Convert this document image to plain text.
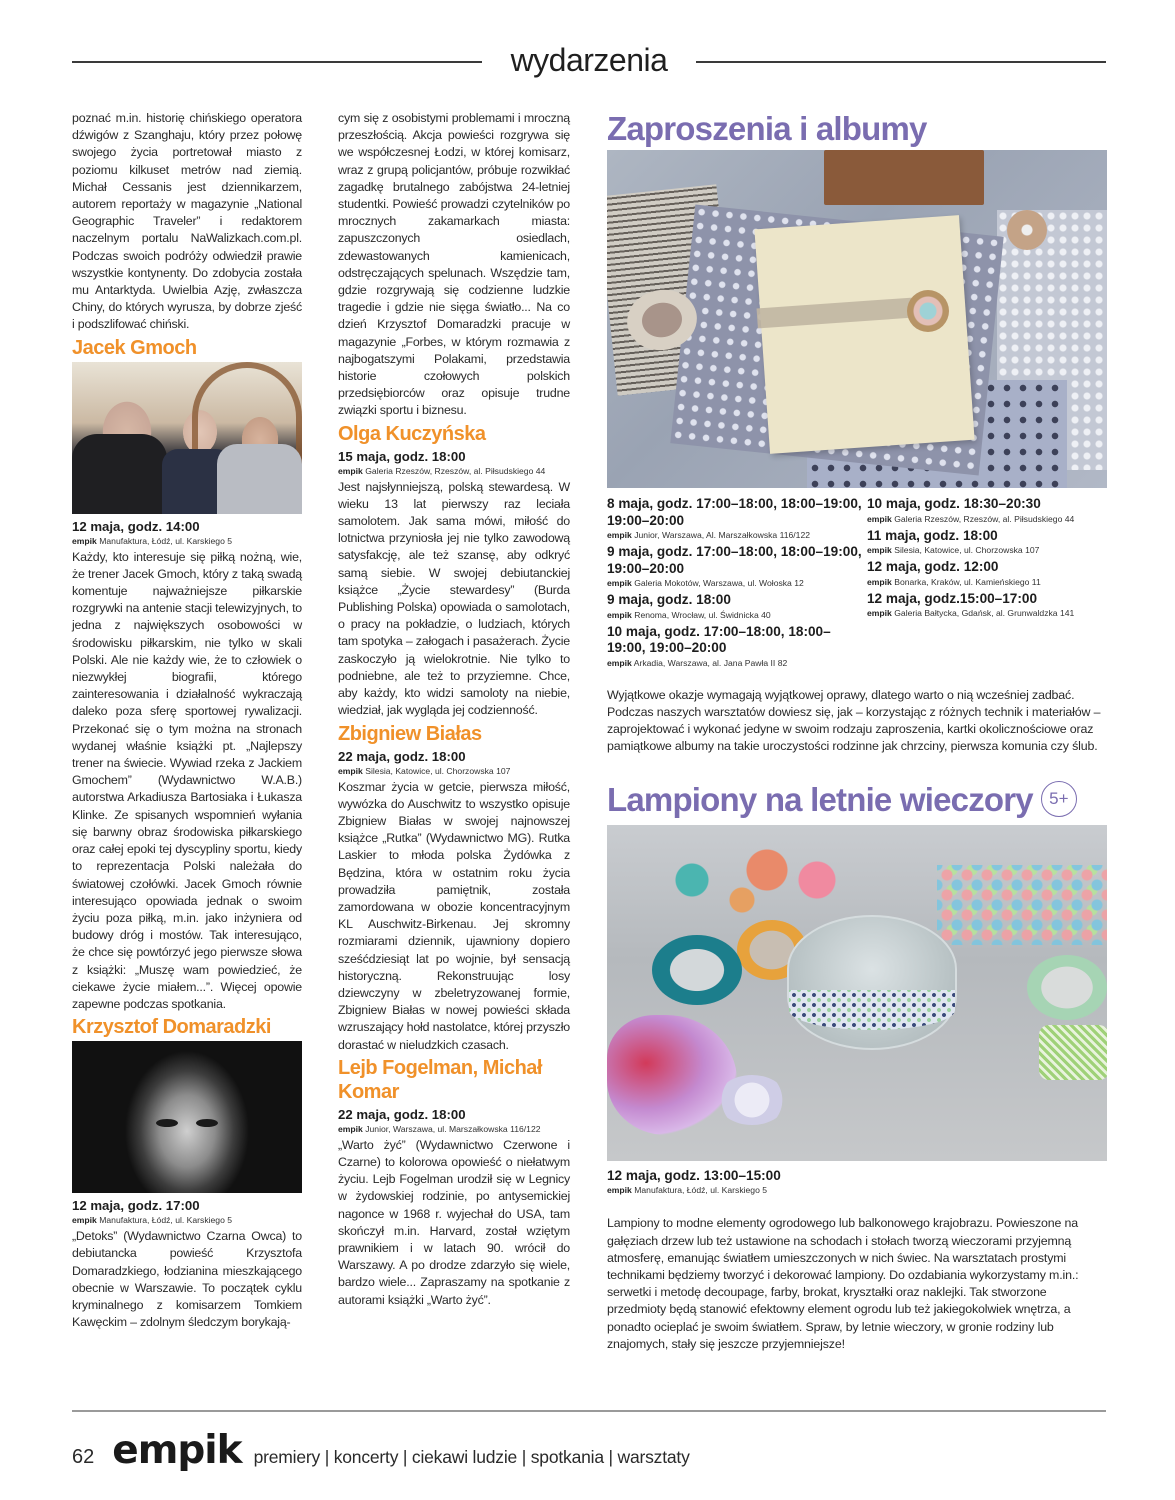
wydarzenia

poznać m.in. historię chińskiego operatora dźwigów z Szanghaju, który przez połowę swojego życia portretował miasto z poziomu kilkuset metrów nad ziemią. Michał Cessanis jest dziennikarzem, autorem reportaży w magazynie „National Geographic Traveler” i redaktorem naczelnym portalu NaWalizkach.com.pl. Podczas swoich podróży odwiedził prawie wszystkie kontynenty. Do zdobycia została mu Antarktyda. Uwielbia Azję, zwłaszcza Chiny, do których wyrusza, by dobrze zjeść i podszlifować chiński.

Jacek Gmoch
12 maja, godz. 14:00
empik Manufaktura, Łódź, ul. Karskiego 5

Każdy, kto interesuje się piłką nożną, wie, że trener Jacek Gmoch, który z taką swadą komentuje najważniejsze piłkarskie rozgrywki na antenie stacji telewizyjnych, to jedna z największych osobowości w środowisku piłkarskim, nie tylko w skali Polski. Ale nie każdy wie, że to człowiek o niezwykłej biografii, którego zainteresowania i działalność wykraczają daleko poza sferę sportowej rywalizacji. Przekonać się o tym można na stronach wydanej właśnie książki pt. „Najlepszy trener na świecie. Wywiad rzeka z Jackiem Gmochem” (Wydawnictwo W.A.B.) autorstwa Arkadiusza Bartosiaka i Łukasza Klinke. Ze spisanych wspomnień wyłania się barwny obraz środowiska piłkarskiego oraz całej epoki tej dyscypliny sportu, kiedy to reprezentacja Polski należała do światowej czołówki. Jacek Gmoch równie interesująco opowiada jednak o swoim życiu poza piłką, m.in. jako inżyniera od budowy dróg i mostów. Tak interesująco, że chce się powtórzyć jego pierwsze słowa z książki: „Muszę wam powiedzieć, że ciekawe życie miałem...”. Więcej opowie zapewne podczas spotkania.

Krzysztof Domaradzki
12 maja, godz. 17:00
empik Manufaktura, Łódź, ul. Karskiego 5

„Detoks” (Wydawnictwo Czarna Owca) to debiutancka powieść Krzysztofa Domaradzkiego, łodzianina mieszkającego obecnie w Warszawie. To początek cyklu kryminalnego z komisarzem Tomkiem Kawęckim – zdolnym śledczym borykają-

cym się z osobistymi problemami i mroczną przeszłością. Akcja powieści rozgrywa się we współczesnej Łodzi, w której komisarz, wraz z grupą policjantów, próbuje rozwikłać zagadkę brutalnego zabójstwa 24-letniej studentki. Powieść prowadzi czytelników po mrocznych zakamarkach miasta: zapuszczonych osiedlach, zdewastowanych kamienicach, odstręczających spelunach. Wszędzie tam, gdzie rozgrywają się codzienne ludzkie tragedie i gdzie nie sięga światło... Na co dzień Krzysztof Domaradzki pracuje w magazynie „Forbes, w którym rozmawia z najbogatszymi Polakami, przedstawia historie czołowych polskich przedsiębiorców oraz opisuje trudne związki sportu i biznesu.

Olga Kuczyńska
15 maja, godz. 18:00
empik Galeria Rzeszów, Rzeszów, al. Piłsudskiego 44

Jest najsłynniejszą, polską stewardesą. W wieku 13 lat pierwszy raz leciała samolotem. Jak sama mówi, miłość do lotnictwa przyniosła jej nie tylko zawodową satysfakcję, ale też szansę, aby odkryć samą siebie. W swojej debiutanckiej książce „Życie stewardesy” (Burda Publishing Polska) opowiada o samolotach, o pracy na pokładzie, o ludziach, których tam spotyka – załogach i pasażerach. Życie zaskoczyło ją wielokrotnie. Nie tylko to podniebne, ale też to przyziemne. Chce, aby każdy, kto widzi samoloty na niebie, wiedział, jak wygląda jej codzienność.

Zbigniew Białas
22 maja, godz. 18:00
empik Silesia, Katowice, ul. Chorzowska 107

Koszmar życia w getcie, pierwsza miłość, wywózka do Auschwitz to wszystko opisuje Zbigniew Białas w swojej najnowszej książce „Rutka” (Wydawnictwo MG). Rutka Laskier to młoda polska Żydówka z Będzina, która w ostatnim roku życia prowadziła pamiętnik, została zamordowana w obozie koncentracyjnym KL Auschwitz-Birkenau. Jej skromny rozmiarami dziennik, ujawniony dopiero sześćdziesiąt lat po wojnie, był sensacją historyczną. Rekonstruując losy dziewczyny w zbeletryzowanej formie, Zbigniew Białas w nowej powieści składa wzruszający hołd nastolatce, której przyszło dorastać w nieludzkich czasach.

Lejb Fogelman, Michał Komar
22 maja, godz. 18:00
empik Junior, Warszawa, ul. Marszałkowska 116/122

„Warto żyć” (Wydawnictwo Czerwone i Czarne) to kolorowa opowieść o niełatwym życiu. Lejb Fogelman urodził się w Legnicy w żydowskiej rodzinie, po antysemickiej nagonce w 1968 r. wyjechał do USA, tam skończył m.in. Harvard, został wziętym prawnikiem i w latach 90. wrócił do Warszawy. A po drodze zdarzyło się wiele, bardzo wiele... Zapraszamy na spotkanie z autorami książki „Warto żyć”.

Zaproszenia i albumy
8 maja, godz. 17:00–18:00, 18:00–19:00, 19:00–20:00
empik Junior, Warszawa, Al. Marszałkowska 116/122
9 maja, godz. 17:00–18:00, 18:00–19:00, 19:00–20:00
empik Galeria Mokotów, Warszawa, ul. Wołoska 12
9 maja, godz. 18:00
empik Renoma, Wrocław, ul. Świdnicka 40
10 maja, godz. 17:00–18:00, 18:00–19:00, 19:00–20:00
empik Arkadia, Warszawa, al. Jana Pawła II 82
10 maja, godz. 18:30–20:30
empik Galeria Rzeszów, Rzeszów, al. Piłsudskiego 44
11 maja, godz. 18:00
empik Silesia, Katowice, ul. Chorzowska 107
12 maja, godz. 12:00
empik Bonarka, Kraków, ul. Kamieńskiego 11
12 maja, godz.15:00–17:00
empik Galeria Bałtycka, Gdańsk, al. Grunwaldzka 141

Wyjątkowe okazje wymagają wyjątkowej oprawy, dlatego warto o nią wcześniej zadbać. Podczas naszych warsztatów dowiesz się, jak – korzystając z różnych technik i materiałów – zaprojektować i wykonać jedyne w swoim rodzaju zaproszenia, kartki okolicznościowe oraz pamiątkowe albumy na takie uroczystości rodzinne jak chrzciny, pierwsza komunia czy ślub.

Lampiony na letnie wieczory 5+
12 maja, godz. 13:00–15:00
empik Manufaktura, Łódź, ul. Karskiego 5

Lampiony to modne elementy ogrodowego lub balkonowego krajobrazu. Powieszone na gałęziach drzew lub też ustawione na schodach i stołach tworzą wieczorami przyjemną atmosferę, emanując światłem umieszczonych w nich świec. Na warsztatach prostymi technikami będziemy tworzyć i dekorować lampiony. Do ozdabiania wykorzystamy m.in.: serwetki i metodę decoupage, farby, brokat, kryształki oraz naklejki. Tak stworzone przedmioty będą stanowić efektowny element ogrodu lub też jakiegokolwiek wnętrza, a ponadto ocieplać je swoim światłem. Spraw, by letnie wieczory, w gronie rodziny lub znajomych, stały się jeszcze przyjemniejsze!

62 empik premiery | koncerty | ciekawi ludzie | spotkania | warsztaty
